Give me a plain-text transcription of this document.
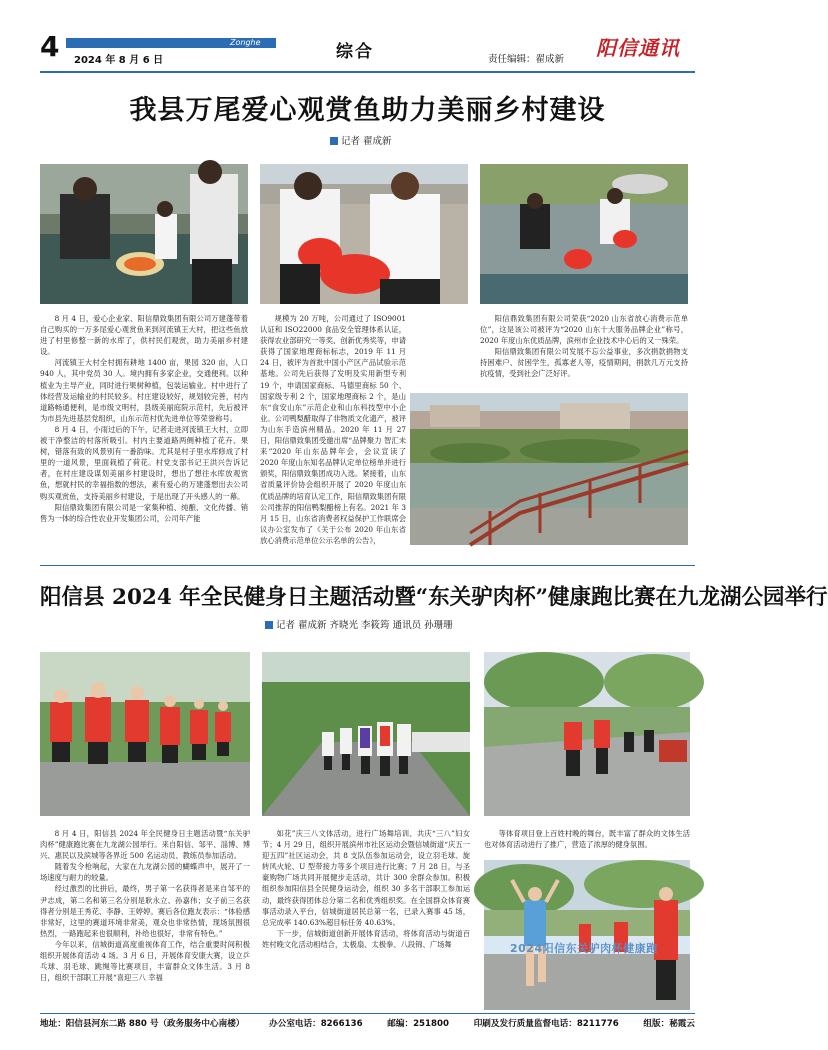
4	Zonghe
2024 年 8 月 6 日	综合	责任编辑：翟成新 阳信通讯
我县万尾爱心观赏鱼助力美丽乡村建设
记者 翟成新

8 月 4 日，爱心企业家、阳信鼎致集团有限公司万建蓬带着自己购买的一万多尾爱心观赏鱼来到河流镇王大村，把这些鱼放进了村里修整一新的水库了，供村民们观赏，助力美丽乡村建设。

河流镇王大村全村拥有耕地 1400 亩，果园 320 亩，人口 940 人，其中党员 30 人。境内拥有多家企业，交通便利。以种植业为主导产业，同时进行果树种植，包装运输业。村中进行了体经营及运输业的村民较多。村庄建设较好，规划较完善，村内道路畅通便利，是市级文明村，县级美丽庭院示范村，先后被评为市县先进基层党组织，山东示范村优先进单位等荣誉称号。

8 月 4 日，小雨过后的下午，记者走进河流镇王大村，立即被干净整洁的村落所吸引。村内主要道路两侧种植了花卉、果树，错落有致的风景别有一番韵味。尤其是村子里水库修成了村里的一道风景，里面栽植了荷花。村党支部书记王洪兴告诉记者，在村庄建设谋划美丽乡村建设时，想出了想往水库放观赏鱼，想就村民的幸福指数的想法，素有爱心的万建蓬想出去公司购买观赏鱼，支持美丽乡村建设，于是出现了开头感人的一幕。

阳信鼎致集团有限公司是一家集种植、纯酿、文化传播、销售为一体的综合性农业开发集团公司，公司年产能

规模为 20 万吨，公司通过了 ISO9001 认证和 ISO22000 食品安全管理体系认证，获得农业部研究一等奖、创新优秀奖等，申请获得了国家地理商标标志，2019 年 11 月 24 日，被评为首批中国小产区产品试验示范基地。公司先后获得了发明及实用新型专利 19 个，申请国家商标、马德里商标 50 个、国家级专利 2 个，国家地理商标 2 个，是山东“食安山东”示范企业和山东科技型中小企业。公司鸭梨醋取得了非物质文化遗产，被评为山东手造滨州精品。2020 年 11 月 27 日，阳信鼎致集团受邀出席“品牌聚力 智汇未来”2020 年山东品牌年会，会议宣读了 2020 年度山东知名品牌认定单位榜单并进行颁奖，阳信鼎致集团成功入选。紧接着，山东省质量评价协会组织开展了 2020 年度山东优质品牌的培育认定工作，阳信鼎致集团有限公司推荐的阳信鸭梨醋榜上有名。2021 年 3 月 15 日，山东省消费者权益保护工作联席会议办公室发布了《关于公布 2020 年山东省放心消费示范单位公示名单的公告》，

阳信鼎致集团有限公司荣获“2020 山东省放心消费示范单位”，这是该公司被评为“2020 山东十大服务品牌企业”称号，2020 年度山东优质品牌，滨州市企业技术中心后的又一殊荣。

阳信鼎致集团有限公司发展不忘公益事业，多次捐款捐物支持困难户、贫困学生，孤寡老人等，疫情期间，捐款几万元支持抗疫情，受到社会广泛好评。

阳信县 2024 年全民健身日主题活动暨“东关驴肉杯”健康跑比赛在九龙湖公园举行
记者 翟成新 齐晓光 李筱筠 通讯员 孙珊珊

8 月 4 日，阳信县 2024 年全民健身日主题活动暨“东关驴肉杯”健康跑比赛在九龙湖公园举行。来自阳信、邹平、淄博、博兴、惠民以及滨城等各界近 500 名运动员、教练员参加活动。

随着发令枪响起，大家在九龙湖公园的蝴蝶声中，展开了一场速度与耐力的较量。

经过激烈的比拼后，最终，男子第一名获得者是来自邹平的尹志成，第二名和第三名分别是耿永立、孙嘉伟；女子前三名获得者分别是王秀花、李静、王婷婷。赛后各位跑友表示：“体验感非常好，这里的赛道环境非常美，观众也非常热情，现场氛围很热烈，一路跑起来也很顺利，补给也很好，非常有特色。”

今年以来，信城街道高度重视体育工作，结合重要时间积极组织开展体育活动 4 场。3 月 6 日，开展体育安康大赛，设立乒乓球、羽毛球、跳绳等比赛项目，丰富群众文体生活。3 月 8 日，组织干部职工开展“喜迎三八 幸福

如花”庆三八文体活动，进行广场舞培训、共庆“三八”妇女节；4 月 29 日，组织开展滨州市社区运动会暨信城街道“庆五一 迎五四”社区运动会，共 8 支队伍参加运动会，设立羽毛球、旋转风火轮、U 型带接力等多个项目进行比赛；7 月 28 日，与圣豪购物广场共同开展健步走活动，共计 300 余群众参加。积极组织参加阳信县全民健身运动会，组织 30 多名干部职工参加运动，最终获得团体总分第二名和优秀组织奖。在全国群众体育赛事活动录入平台，信城街道居民总第一名，已录入赛事 45 场，总完成率 140.63%超目标任务 40.63%。

下一步，信城街道创新开展体育活动，将体育活动与街道百姓村晚文化活动相结合，太极扇、太极拳、八段锦、广场舞

等体育项目登上百姓村晚的舞台，既丰富了群众的文体生活也对体育活动进行了推广，营造了浓厚的健身氛围。

2024阳信东关驴肉杯健康跑
地址：阳信县河东二路 880 号（政务服务中心南楼）	办公室电话：8266136	邮编：251800	印刷及发行质量监督电话：8211776	组版：秘霞云
